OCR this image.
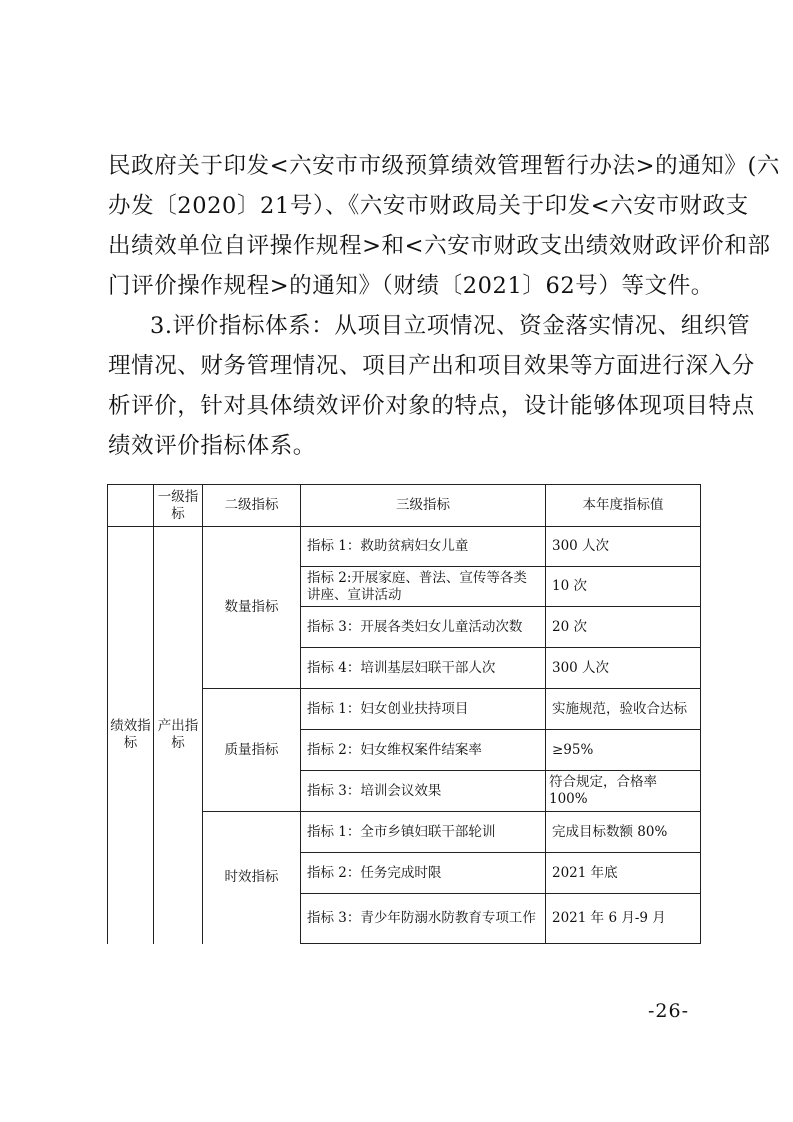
民政府关于印发<六安市市级预算绩效管理暂行办法>的通知》(六
办发〔2020〕21号）、《六安市财政局关于印发<六安市财政支
出绩效单位自评操作规程>和<六安市财政支出绩效财政评价和部
门评价操作规程>的通知》（财绩〔2021〕62号）等文件。
3.评价指标体系：从项目立项情况、资金落实情况、组织管
理情况、财务管理情况、项目产出和项目效果等方面进行深入分
析评价，针对具体绩效评价对象的特点，设计能够体现项目特点
绩效评价指标体系。
	一级指标	二级指标	三级指标	本年度指标值
绩效指标	产出指标	数量指标	指标 1：救助贫病妇女儿童	300 人次
			指标 2:开展家庭、普法、宣传等各类讲座、宣讲活动	10 次
			指标 3：开展各类妇女儿童活动次数	20 次
			指标 4：培训基层妇联干部人次	300 人次
		质量指标	指标 1：妇女创业扶持项目	实施规范，验收合达标
			指标 2：妇女维权案件结案率	≥95%
			指标 3：培训会议效果	符合规定，合格率 100%
		时效指标	指标 1：全市乡镇妇联干部轮训	完成目标数额 80%
			指标 2：任务完成时限	2021 年底
			指标 3：青少年防溺水防教育专项工作	2021 年 6 月-9 月
-26-
